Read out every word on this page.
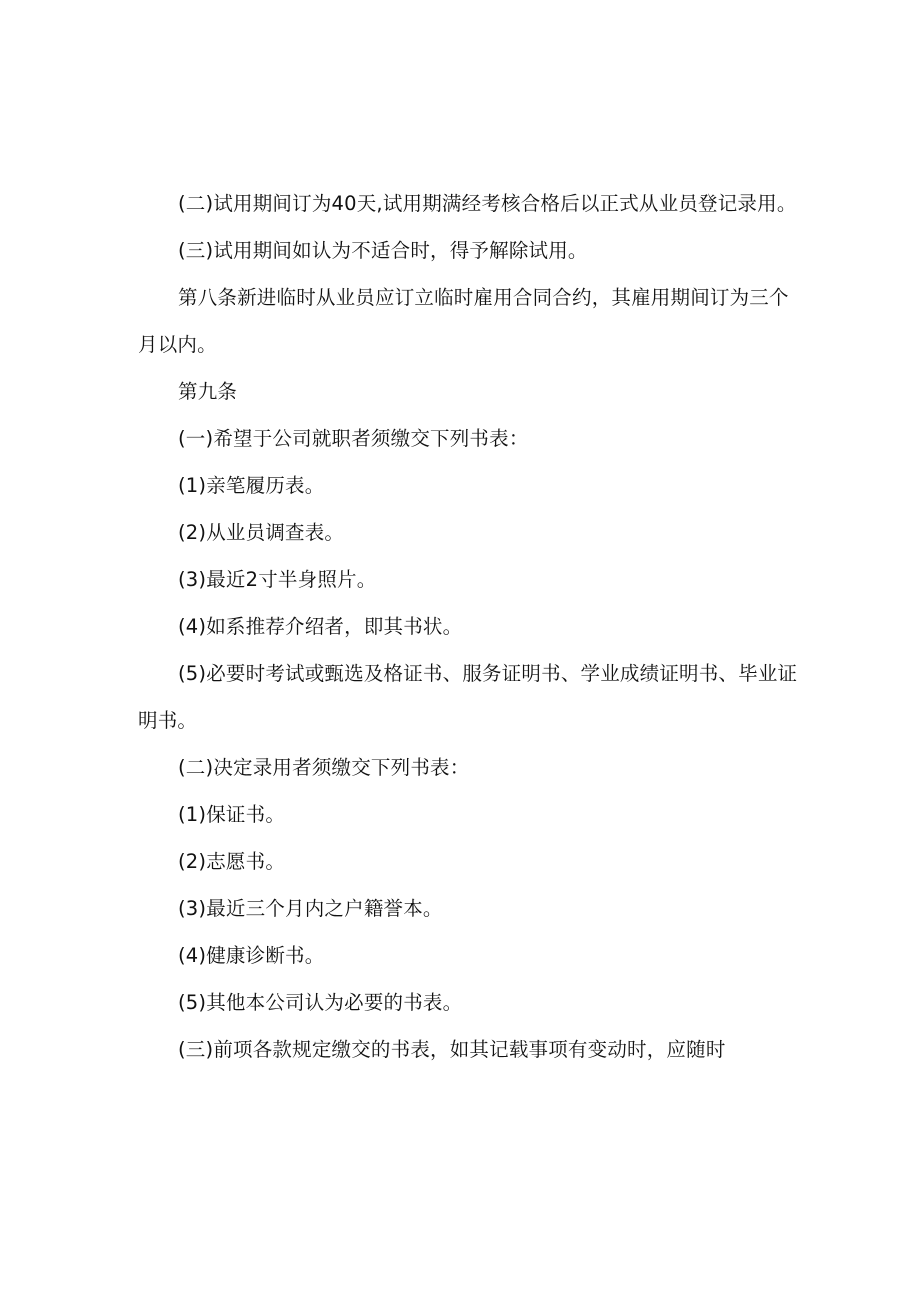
(二)试用期间订为40天,试用期满经考核合格后以正式从业员登记录用。

(三)试用期间如认为不适合时，得予解除试用。

第八条新进临时从业员应订立临时雇用合同合约，其雇用期间订为三个月以内。

第九条

(一)希望于公司就职者须缴交下列书表：

(1)亲笔履历表。

(2)从业员调查表。

(3)最近2寸半身照片。

(4)如系推荐介绍者，即其书状。

(5)必要时考试或甄选及格证书、服务证明书、学业成绩证明书、毕业证明书。

(二)决定录用者须缴交下列书表：

(1)保证书。

(2)志愿书。

(3)最近三个月内之户籍誉本。

(4)健康诊断书。

(5)其他本公司认为必要的书表。

(三)前项各款规定缴交的书表，如其记载事项有变动时，应随时
